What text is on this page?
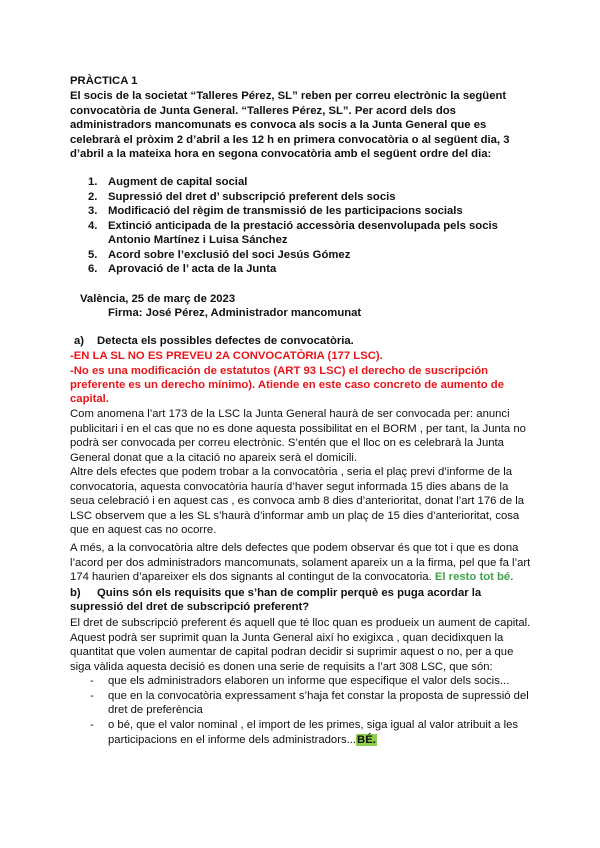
PRÀCTICA 1
El socis de la societat “Talleres Pérez, SL” reben per correu electrònic la següent
convocatòria de Junta General. “Talleres Pérez, SL”. Per acord dels dos
administradors mancomunats es convoca als socis a la Junta General que es
celebrarà el pròxim 2 d’abril a les 12 h en primera convocatòria o al següent dia, 3
d’abril a la mateixa hora en segona convocatòria amb el següent ordre del dia:
1. Augment de capital social
2. Supressió del dret d’ subscripció preferent dels socis
3. Modificació del règim de transmissió de les participacions socials
4. Extinció anticipada de la prestació accessòria desenvolupada pels socis
Antonio Martínez i Luisa Sánchez
5. Acord sobre l’exclusió del soci Jesús Gómez
6. Aprovació de l’ acta de la Junta
València, 25 de març de 2023
Firma: José Pérez, Administrador mancomunat
a) Detecta els possibles defectes de convocatòria.
-EN LA SL NO ES PREVEU 2A CONVOCATÒRIA (177 LSC).
-No es una modificación de estatutos (ART 93 LSC) el derecho de suscripción
preferente es un derecho mínimo). Atiende en este caso concreto de aumento de
capital.
Com anomena l’art 173 de la LSC la Junta General haurà de ser convocada per: anunci
publicitari i en el cas que no es done aquesta possibilitat en el BORM , per tant, la Junta no
podrà ser convocada per correu electrònic. S’entén que el lloc on es celebrarà la Junta
General donat que a la citació no apareix serà el domicili.
Altre dels efectes que podem trobar a la convocatòria , seria el plaç previ d’informe de la
convocatoria, aquesta convocatòria hauría d’haver segut informada 15 dies abans de la
seua celebració i en aquest cas , es convoca amb 8 dies d’anterioritat, donat l’art 176 de la
LSC observem que a les SL s’haurà d’informar amb un plaç de 15 dies d’anterioritat, cosa
que en aquest cas no ocorre.
A més, a la convocatòria altre dels defectes que podem observar és que tot i que es dona
l’acord per dos administradors mancomunats, solament apareix un a la firma, pel que fa l’art
174 haurien d’apareixer els dos signants al contingut de la convocatoria. El resto tot bé.
b) Quins són els requisits que s’han de complir perquè es puga acordar la
supressió del dret de subscripció preferent?
El dret de subscripció preferent és aquell que té lloc quan es produeix un aument de capital.
Aquest podrà ser suprimit quan la Junta General així ho exigixca , quan decidixquen la
quantitat que volen aumentar de capital podran decidir si suprimir aquest o no, per a que
siga vàlida aquesta decisió es donen una serie de requisits a l’art 308 LSC, que són:
- que els administradors elaboren un informe que especifique el valor dels socis...
- que en la convocatòria expressament s’haja fet constar la proposta de supressió del
dret de preferència
- o bé, que el valor nominal , el import de les primes, siga igual al valor atribuit a les
participacions en el informe dels administradors...BÉ.
